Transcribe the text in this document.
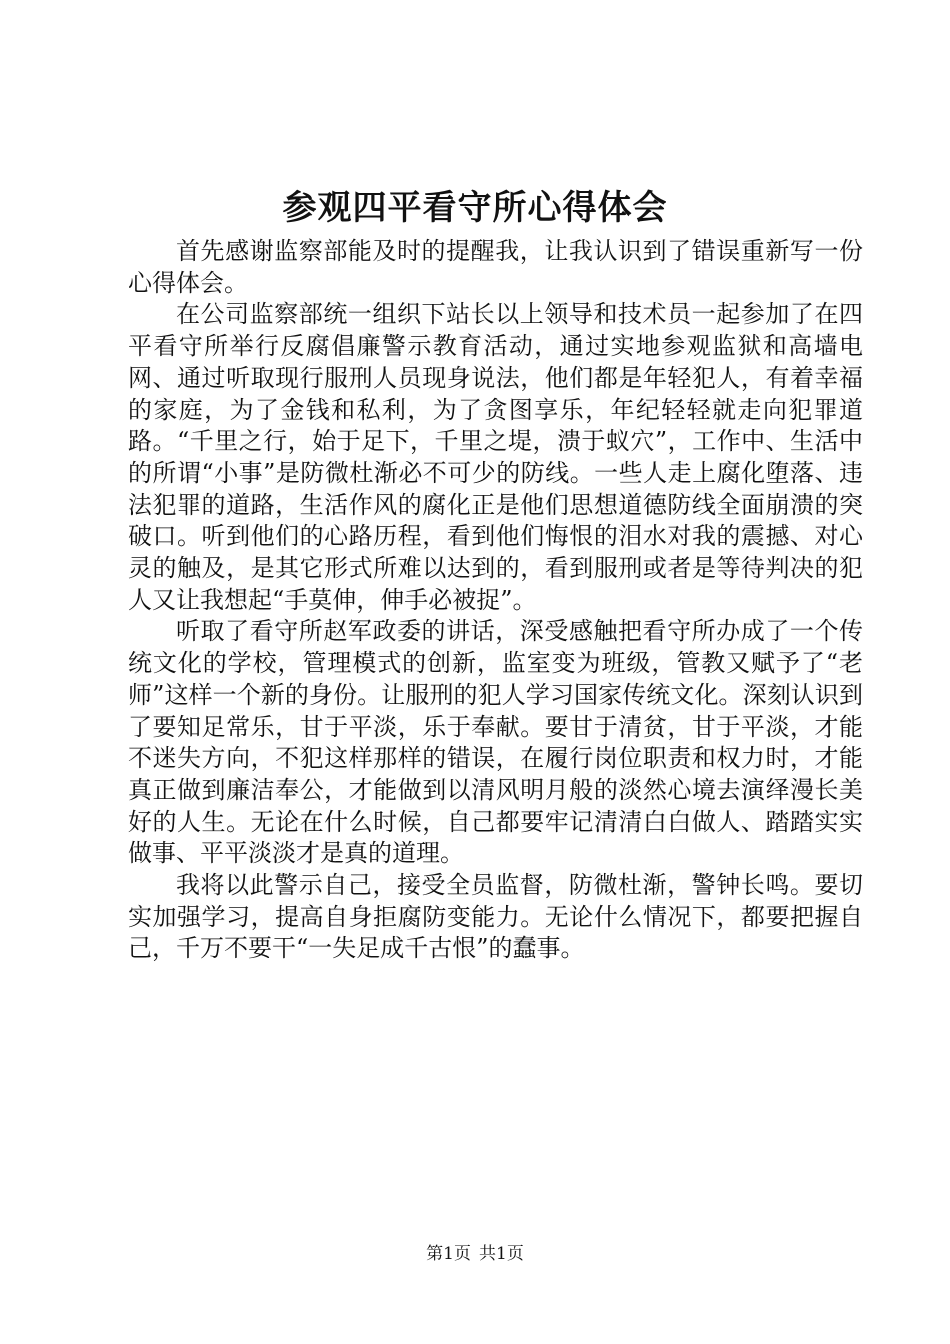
参观四平看守所心得体会

首先感谢监察部能及时的提醒我，让我认识到了错误重新写一份心得体会。

在公司监察部统一组织下站长以上领导和技术员一起参加了在四平看守所举行反腐倡廉警示教育活动，通过实地参观监狱和高墙电网、通过听取现行服刑人员现身说法，他们都是年轻犯人，有着幸福的家庭，为了金钱和私利，为了贪图享乐，年纪轻轻就走向犯罪道路。“千里之行，始于足下，千里之堤，溃于蚁穴”，工作中、生活中的所谓“小事”是防微杜渐必不可少的防线。一些人走上腐化堕落、违法犯罪的道路，生活作风的腐化正是他们思想道德防线全面崩溃的突破口。听到他们的心路历程，看到他们悔恨的泪水对我的震撼、对心灵的触及，是其它形式所难以达到的，看到服刑或者是等待判决的犯人又让我想起“手莫伸，伸手必被捉”。

听取了看守所赵军政委的讲话，深受感触把看守所办成了一个传统文化的学校，管理模式的创新，监室变为班级，管教又赋予了“老师”这样一个新的身份。让服刑的犯人学习国家传统文化。深刻认识到了要知足常乐，甘于平淡，乐于奉献。要甘于清贫，甘于平淡，才能不迷失方向，不犯这样那样的错误，在履行岗位职责和权力时，才能真正做到廉洁奉公，才能做到以清风明月般的淡然心境去演绎漫长美好的人生。无论在什么时候，自己都要牢记清清白白做人、踏踏实实做事、平平淡淡才是真的道理。

我将以此警示自己，接受全员监督，防微杜渐，警钟长鸣。要切实加强学习，提高自身拒腐防变能力。无论什么情况下，都要把握自己，千万不要干“一失足成千古恨”的蠢事。

第1页 共1页
